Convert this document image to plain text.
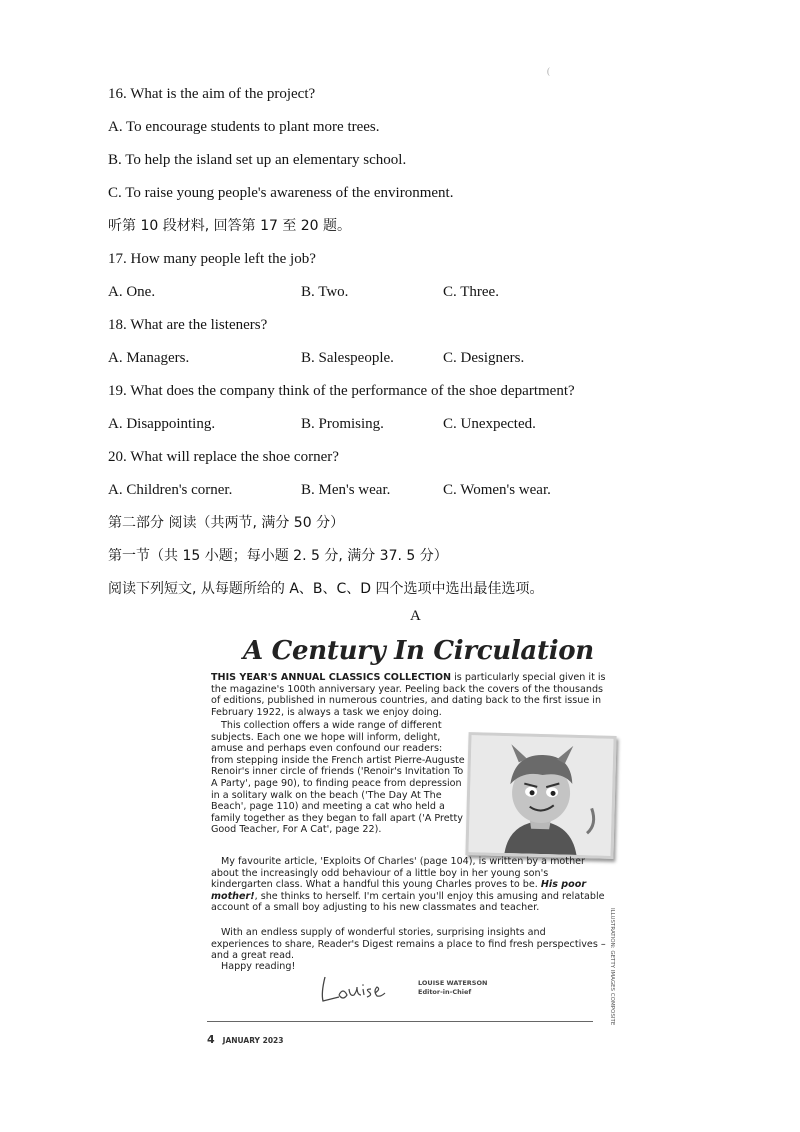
(
16. What is the aim of the project?
A. To encourage students to plant more trees.
B. To help the island set up an elementary school.
C. To raise young people's awareness of the environment.
听第 10 段材料, 回答第 17 至 20 题。
17. How many people left the job?
A. One.	B. Two.	C. Three.
18. What are the listeners?
A. Managers.	B. Salespeople.	C. Designers.
19. What does the company think of the performance of the shoe department?
A. Disappointing.	B. Promising.	C. Unexpected.
20. What will replace the shoe corner?
A. Children's corner.	B. Men's wear.	C. Women's wear.
第二部分 阅读（共两节, 满分 50 分）
第一节（共 15 小题；每小题 2. 5 分, 满分 37. 5 分）
阅读下列短文, 从每题所给的 A、B、C、D 四个选项中选出最佳选项。
A
A Century In Circulation
THIS YEAR'S ANNUAL CLASSICS COLLECTION is particularly special given it is the magazine's 100th anniversary year. Peeling back the covers of the thousands of editions, published in numerous countries, and dating back to the first issue in February 1922, is always a task we enjoy doing.
This collection offers a wide range of different subjects. Each one we hope will inform, delight, amuse and perhaps even confound our readers: from stepping inside the French artist Pierre-Auguste Renoir's inner circle of friends ('Renoir's Invitation To A Party', page 90), to finding peace from depression in a solitary walk on the beach ('The Day At The Beach', page 110) and meeting a cat who held a family together as they began to fall apart ('A Pretty Good Teacher, For A Cat', page 22).
My favourite article, 'Exploits Of Charles' (page 104), is written by a mother about the increasingly odd behaviour of a little boy in her young son's kindergarten class. What a handful this young Charles proves to be. His poor mother!, she thinks to herself. I'm certain you'll enjoy this amusing and relatable account of a small boy adjusting to his new classmates and teacher.
With an endless supply of wonderful stories, surprising insights and experiences to share, Reader's Digest remains a place to find fresh perspectives – and a great read.
Happy reading!
LOUISE WATERSON
Editor-in-Chief
4 JANUARY 2023
ILLUSTRATION: GETTY IMAGES COMPOSITE
